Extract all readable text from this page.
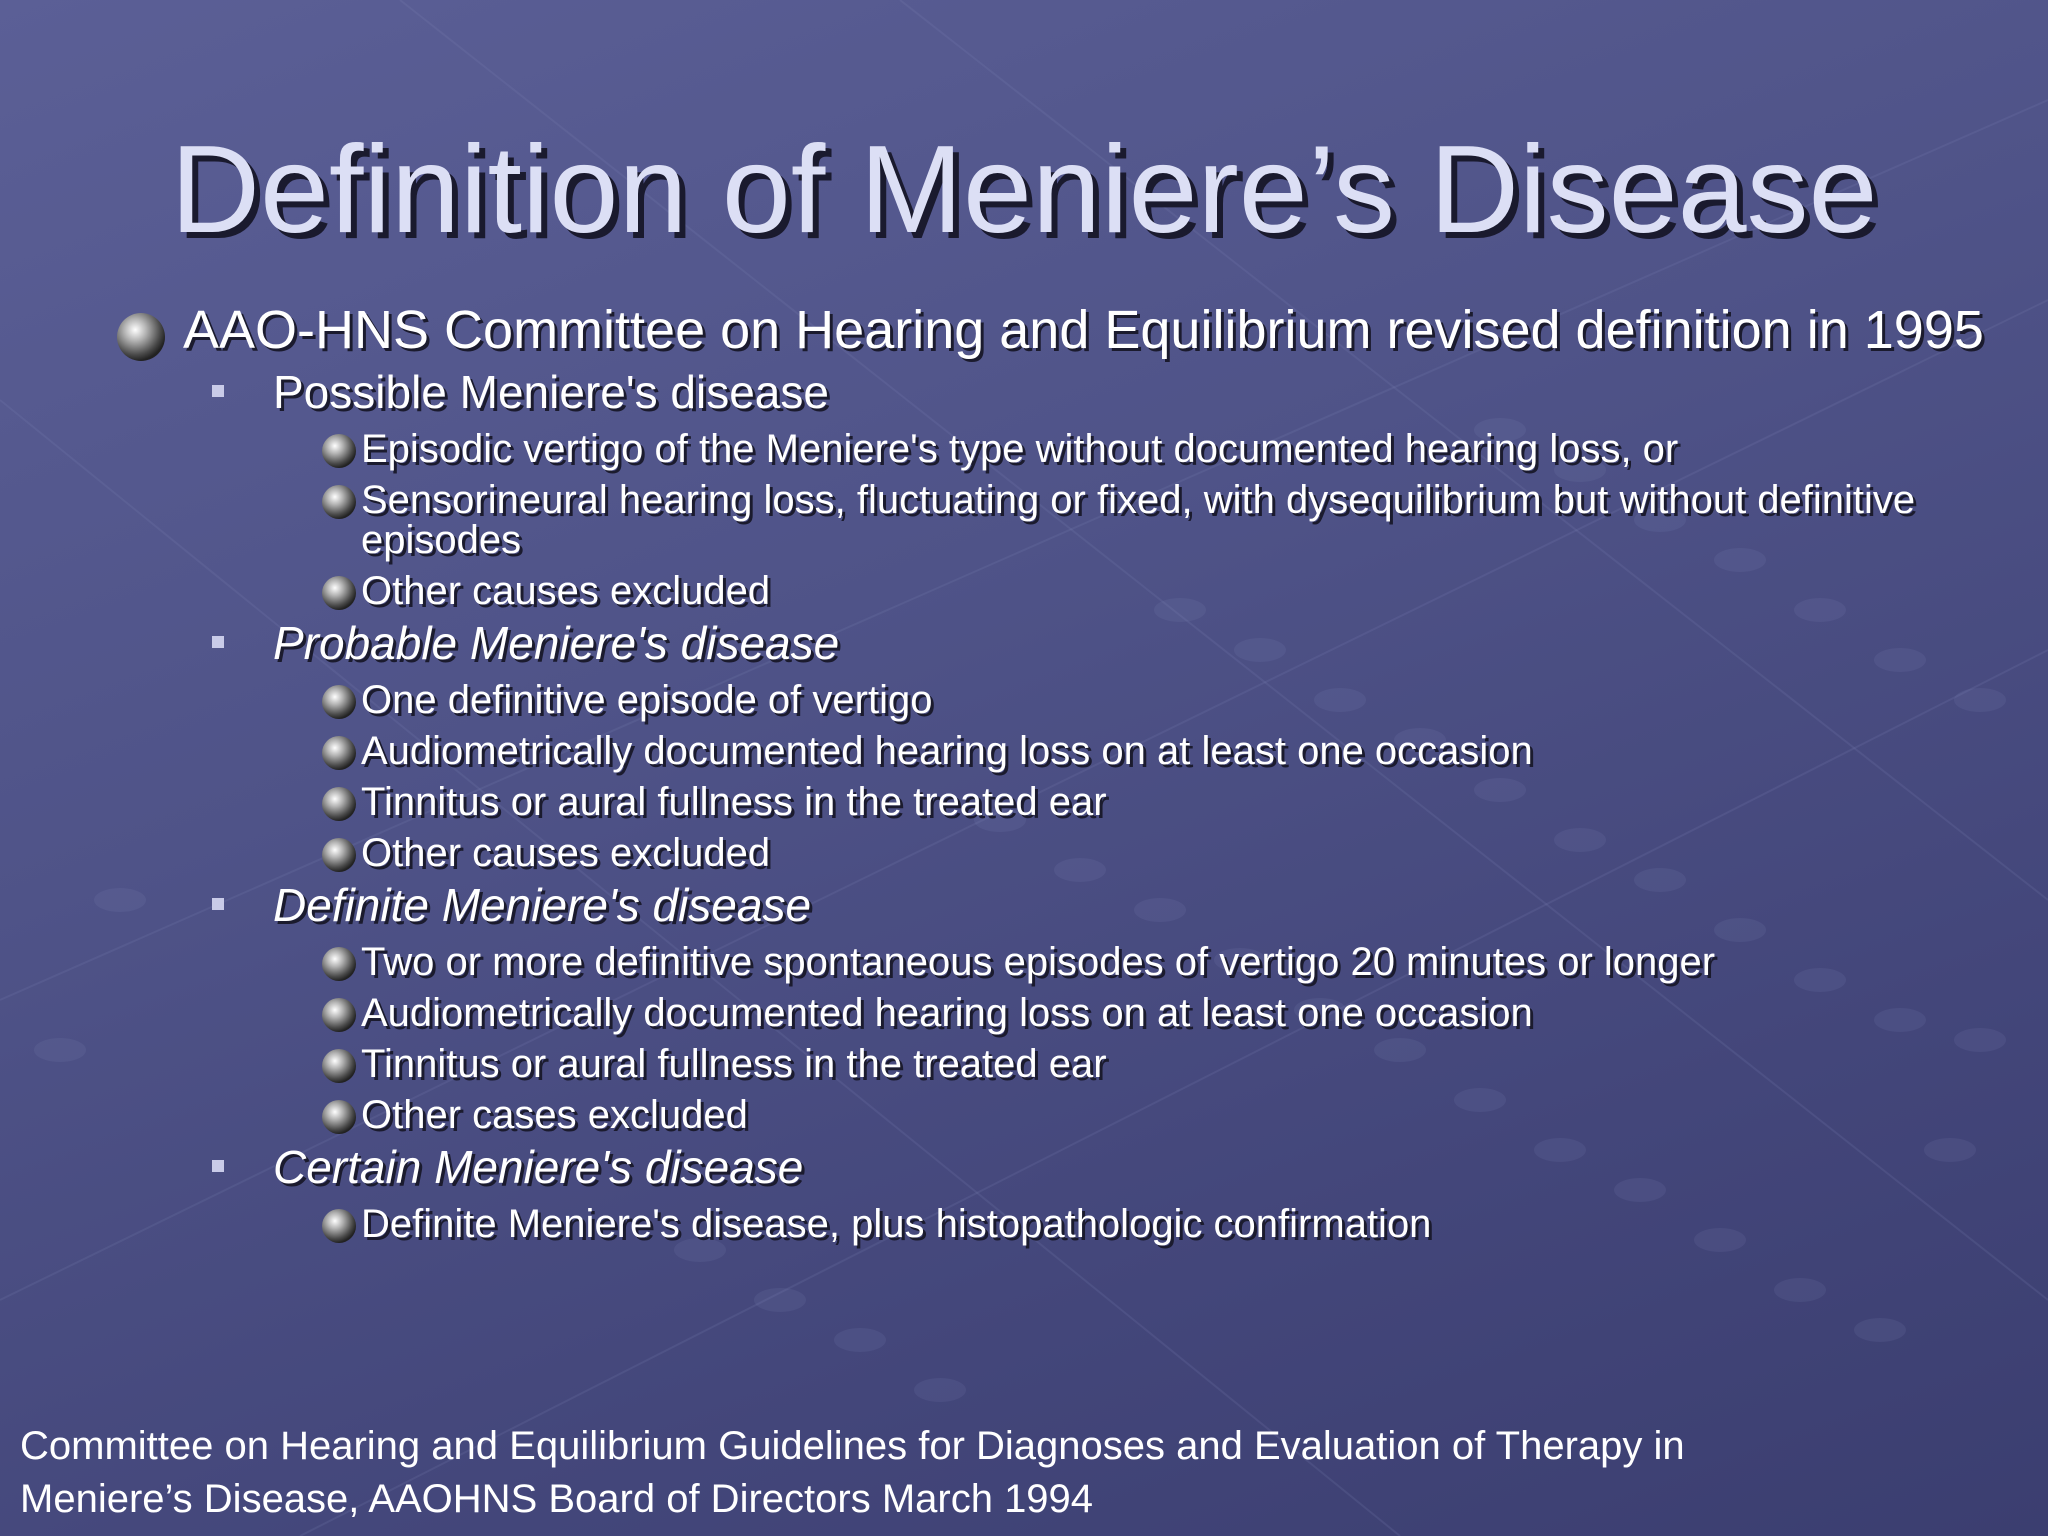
Definition of Meniere’s Disease
AAO-HNS Committee on Hearing and Equilibrium revised definition in 1995
Possible Meniere's disease
Episodic vertigo of the Meniere's type without documented hearing loss, or
Sensorineural hearing loss, fluctuating or fixed, with dysequilibrium but without definitive episodes
Other causes excluded
Probable Meniere's disease
One definitive episode of vertigo
Audiometrically documented hearing loss on at least one occasion
Tinnitus or aural fullness in the treated ear
Other causes excluded
Definite Meniere's disease
Two or more definitive spontaneous episodes of vertigo 20 minutes or longer
Audiometrically documented hearing loss on at least one occasion
Tinnitus or aural fullness in the treated ear
Other cases excluded
Certain Meniere's disease
Definite Meniere's disease, plus histopathologic confirmation
Committee on Hearing and Equilibrium Guidelines for Diagnoses and Evaluation of Therapy in
Meniere’s Disease, AAOHNS Board of Directors March 1994
